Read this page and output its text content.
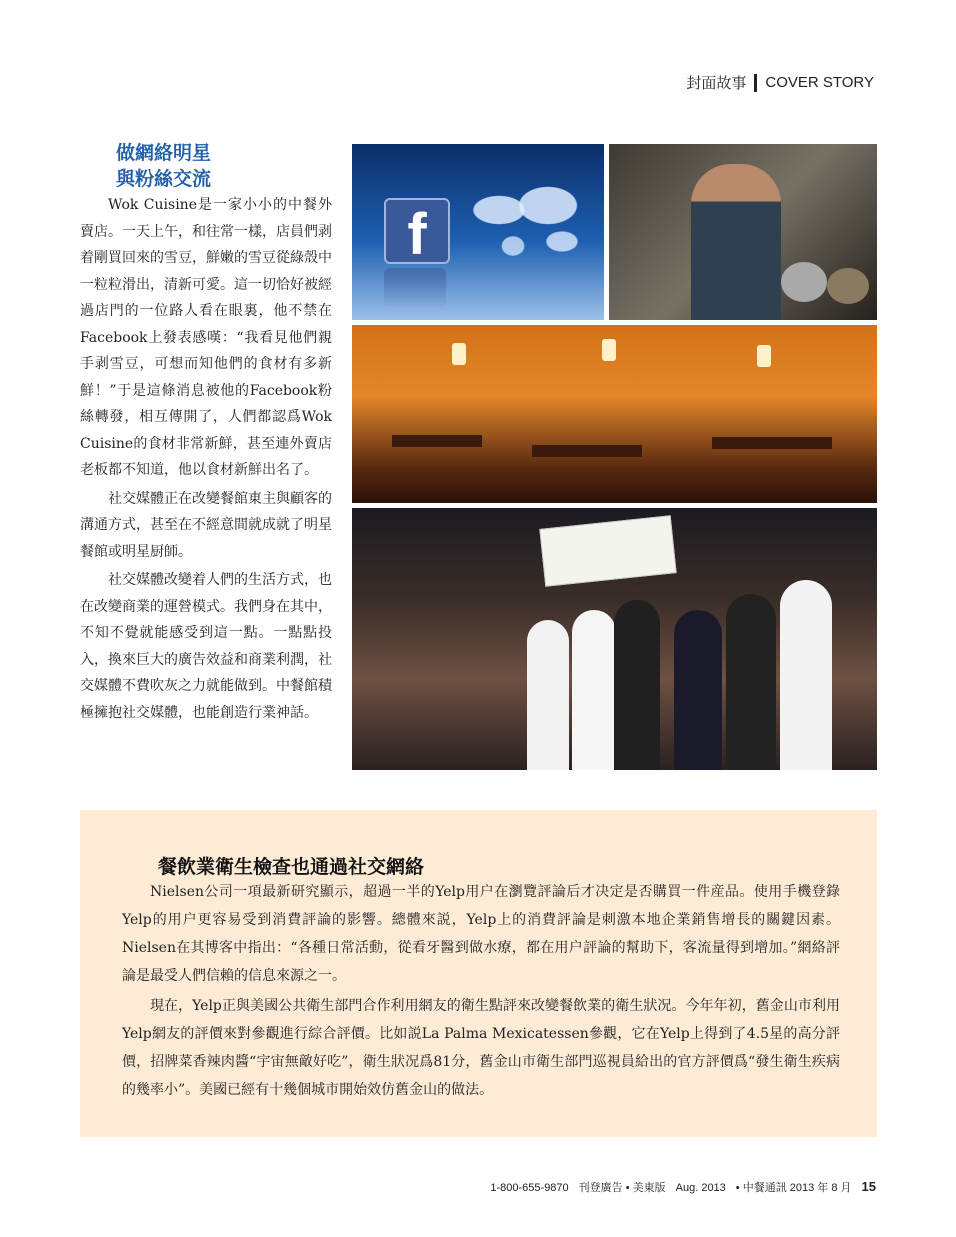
封面故事 COVER STORY
做網絡明星
與粉絲交流

Wok Cuisine是一家小小的中餐外賣店。一天上午，和往常一樣，店員們剥着剛買回來的雪豆，鮮嫩的雪豆從綠殼中一粒粒滑出，清新可愛。這一切恰好被經過店門的一位路人看在眼裏，他不禁在Facebook上發表感嘆：“我看見他們親手剥雪豆，可想而知他們的食材有多新鮮！”于是這條消息被他的Facebook粉絲轉發，相互傳開了，人們都認爲Wok Cuisine的食材非常新鮮，甚至連外賣店老板都不知道，他以食材新鮮出名了。

社交媒體正在改變餐館東主與顧客的溝通方式，甚至在不經意間就成就了明星餐館或明星厨師。

社交媒體改變着人們的生活方式，也在改變商業的運營模式。我們身在其中，不知不覺就能感受到這一點。一點點投入，換來巨大的廣告效益和商業利潤，社交媒體不費吹灰之力就能做到。中餐館積極擁抱社交媒體，也能創造行業神話。

f
餐飲業衛生檢查也通過社交網絡

Nielsen公司一項最新研究顯示，超過一半的Yelp用户在瀏覽評論后才决定是否購買一件産品。使用手機登錄Yelp的用户更容易受到消費評論的影響。總體來説，Yelp上的消費評論是刺激本地企業銷售增長的關鍵因素。Nielsen在其博客中指出：“各種日常活動，從看牙醫到做水療，都在用户評論的幫助下，客流量得到增加。”網絡評論是最受人們信賴的信息來源之一。

現在，Yelp正與美國公共衛生部門合作利用網友的衛生點評來改變餐飲業的衛生狀况。今年年初，舊金山市利用Yelp網友的評價來對參觀進行綜合評價。比如説La Palma Mexicatessen參觀，它在Yelp上得到了4.5星的高分評價，招牌菜香辣肉醬“宇宙無敵好吃”，衛生狀况爲81分，舊金山市衛生部門巡視員給出的官方評價爲“發生衛生疾病的幾率小”。美國已經有十幾個城市開始效仿舊金山的做法。

1-800-655-9870 刊登廣告 • 美東版 Aug. 2013 • 中餐通訊 2013 年 8 月 15
